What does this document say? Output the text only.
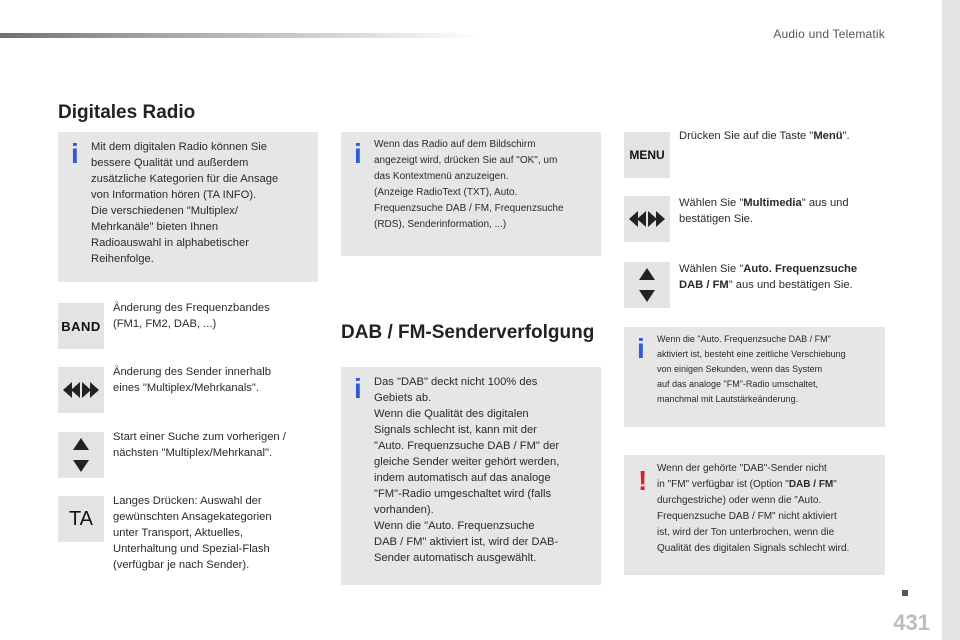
Audio und Telematik
Digitales Radio
i Mit dem digitalen Radio können Sie
bessere Qualität und außerdem
zusätzliche Kategorien für die Ansage
von Information hören (TA INFO).
Die verschiedenen "Multiplex/
Mehrkanäle" bieten Ihnen
Radioauswahl in alphabetischer
Reihenfolge.
BAND
Änderung des Frequenzbandes
(FM1, FM2, DAB, ...)
Änderung des Sender innerhalb
eines "Multiplex/Mehrkanals".
Start einer Suche zum vorherigen /
nächsten "Multiplex/Mehrkanal".
TA
Langes Drücken: Auswahl der
gewünschten Ansagekategorien
unter Transport, Aktuelles,
Unterhaltung und Spezial-Flash
(verfügbar je nach Sender).
i Wenn das Radio auf dem Bildschirm
angezeigt wird, drücken Sie auf "OK", um
das Kontextmenü anzuzeigen.
(Anzeige RadioText (TXT), Auto.
Frequenzsuche DAB / FM, Frequenzsuche
(RDS), Senderinformation, ...)
DAB / FM-Senderverfolgung
i Das "DAB" deckt nicht 100% des
Gebiets ab.
Wenn die Qualität des digitalen
Signals schlecht ist, kann mit der
"Auto. Frequenzsuche DAB / FM" der
gleiche Sender weiter gehört werden,
indem automatisch auf das analoge
"FM"-Radio umgeschaltet wird (falls
vorhanden).
Wenn die "Auto. Frequenzsuche
DAB / FM" aktiviert ist, wird der DAB-
Sender automatisch ausgewählt.
MENU
Drücken Sie auf die Taste "Menü".
Wählen Sie "Multimedia" aus und
bestätigen Sie.
Wählen Sie "Auto. Frequenzsuche
DAB / FM" aus und bestätigen Sie.
i Wenn die "Auto. Frequenzsuche DAB / FM"
aktiviert ist, besteht eine zeitliche Verschiebung
von einigen Sekunden, wenn das System
auf das analoge "FM"-Radio umschaltet,
manchmal mit Lautstärkeänderung.
! Wenn der gehörte "DAB"-Sender nicht
in "FM" verfügbar ist (Option "DAB / FM"
durchgestriche) oder wenn die "Auto.
Frequenzsuche DAB / FM" nicht aktiviert
ist, wird der Ton unterbrochen, wenn die
Qualität des digitalen Signals schlecht wird.
431
